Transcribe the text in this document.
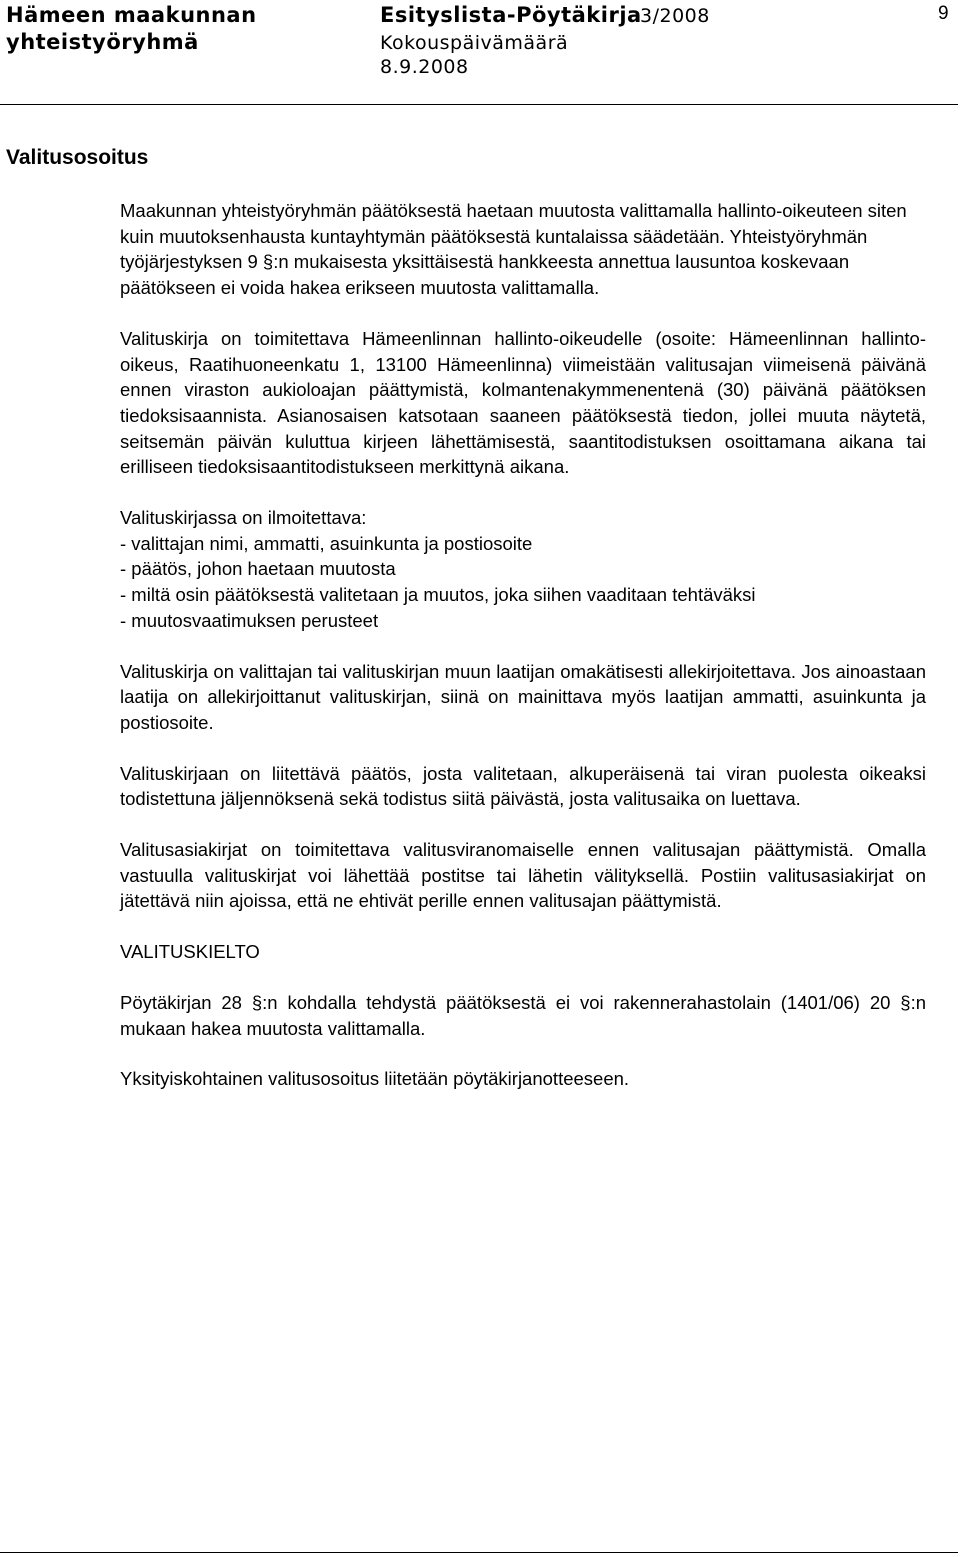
Hämeen maakunnan
yhteistyöryhmä
Esityslista-Pöytäkirja
3/2008
Kokouspäivämäärä
8.9.2008
9
Valitusosoitus

Maakunnan yhteistyöryhmän päätöksestä haetaan muutosta valittamalla hallinto-oikeuteen siten kuin muutoksenhausta kuntayhtymän päätöksestä kuntalaissa säädetään. Yhteistyöryhmän työjärjestyksen 9 §:n mukaisesta yksittäisestä hankkeesta annettua lausuntoa koskevaan päätökseen ei voida hakea erikseen muutosta valittamalla.

Valituskirja on toimitettava Hämeenlinnan hallinto-oikeudelle (osoite: Hämeenlinnan hallinto-oikeus, Raatihuoneenkatu 1, 13100 Hämeenlinna) viimeistään valitusajan viimeisenä päivänä ennen viraston aukioloajan päättymistä, kolmantenakymmenentenä (30) päivänä päätöksen tiedoksisaannista. Asianosaisen katsotaan saaneen päätöksestä tiedon, jollei muuta näytetä, seitsemän päivän kuluttua kirjeen lähettämisestä, saantitodistuksen osoittamana aikana tai erilliseen tiedoksisaantitodistukseen merkittynä aikana.

Valituskirjassa on ilmoitettava:

- valittajan nimi, ammatti, asuinkunta ja postiosoite
- päätös, johon haetaan muutosta
- miltä osin päätöksestä valitetaan ja muutos, joka siihen vaaditaan tehtäväksi
- muutosvaatimuksen perusteet

Valituskirja on valittajan tai valituskirjan muun laatijan omakätisesti allekirjoitettava. Jos ainoastaan laatija on allekirjoittanut valituskirjan, siinä on mainittava myös laatijan ammatti, asuinkunta ja postiosoite.

Valituskirjaan on liitettävä päätös, josta valitetaan, alkuperäisenä tai viran puolesta oikeaksi todistettuna jäljennöksenä sekä todistus siitä päivästä, josta valitusaika on luettava.

Valitusasiakirjat on toimitettava valitusviranomaiselle ennen valitusajan päättymistä. Omalla vastuulla valituskirjat voi lähettää postitse tai lähetin välityksellä. Postiin valitusasiakirjat on jätettävä niin ajoissa, että ne ehtivät perille ennen valitusajan päättymistä.

VALITUSKIELTO

Pöytäkirjan 28 §:n kohdalla tehdystä päätöksestä ei voi rakennerahastolain (1401/06) 20 §:n mukaan hakea muutosta valittamalla.

Yksityiskohtainen valitusosoitus liitetään pöytäkirjanotteeseen.
